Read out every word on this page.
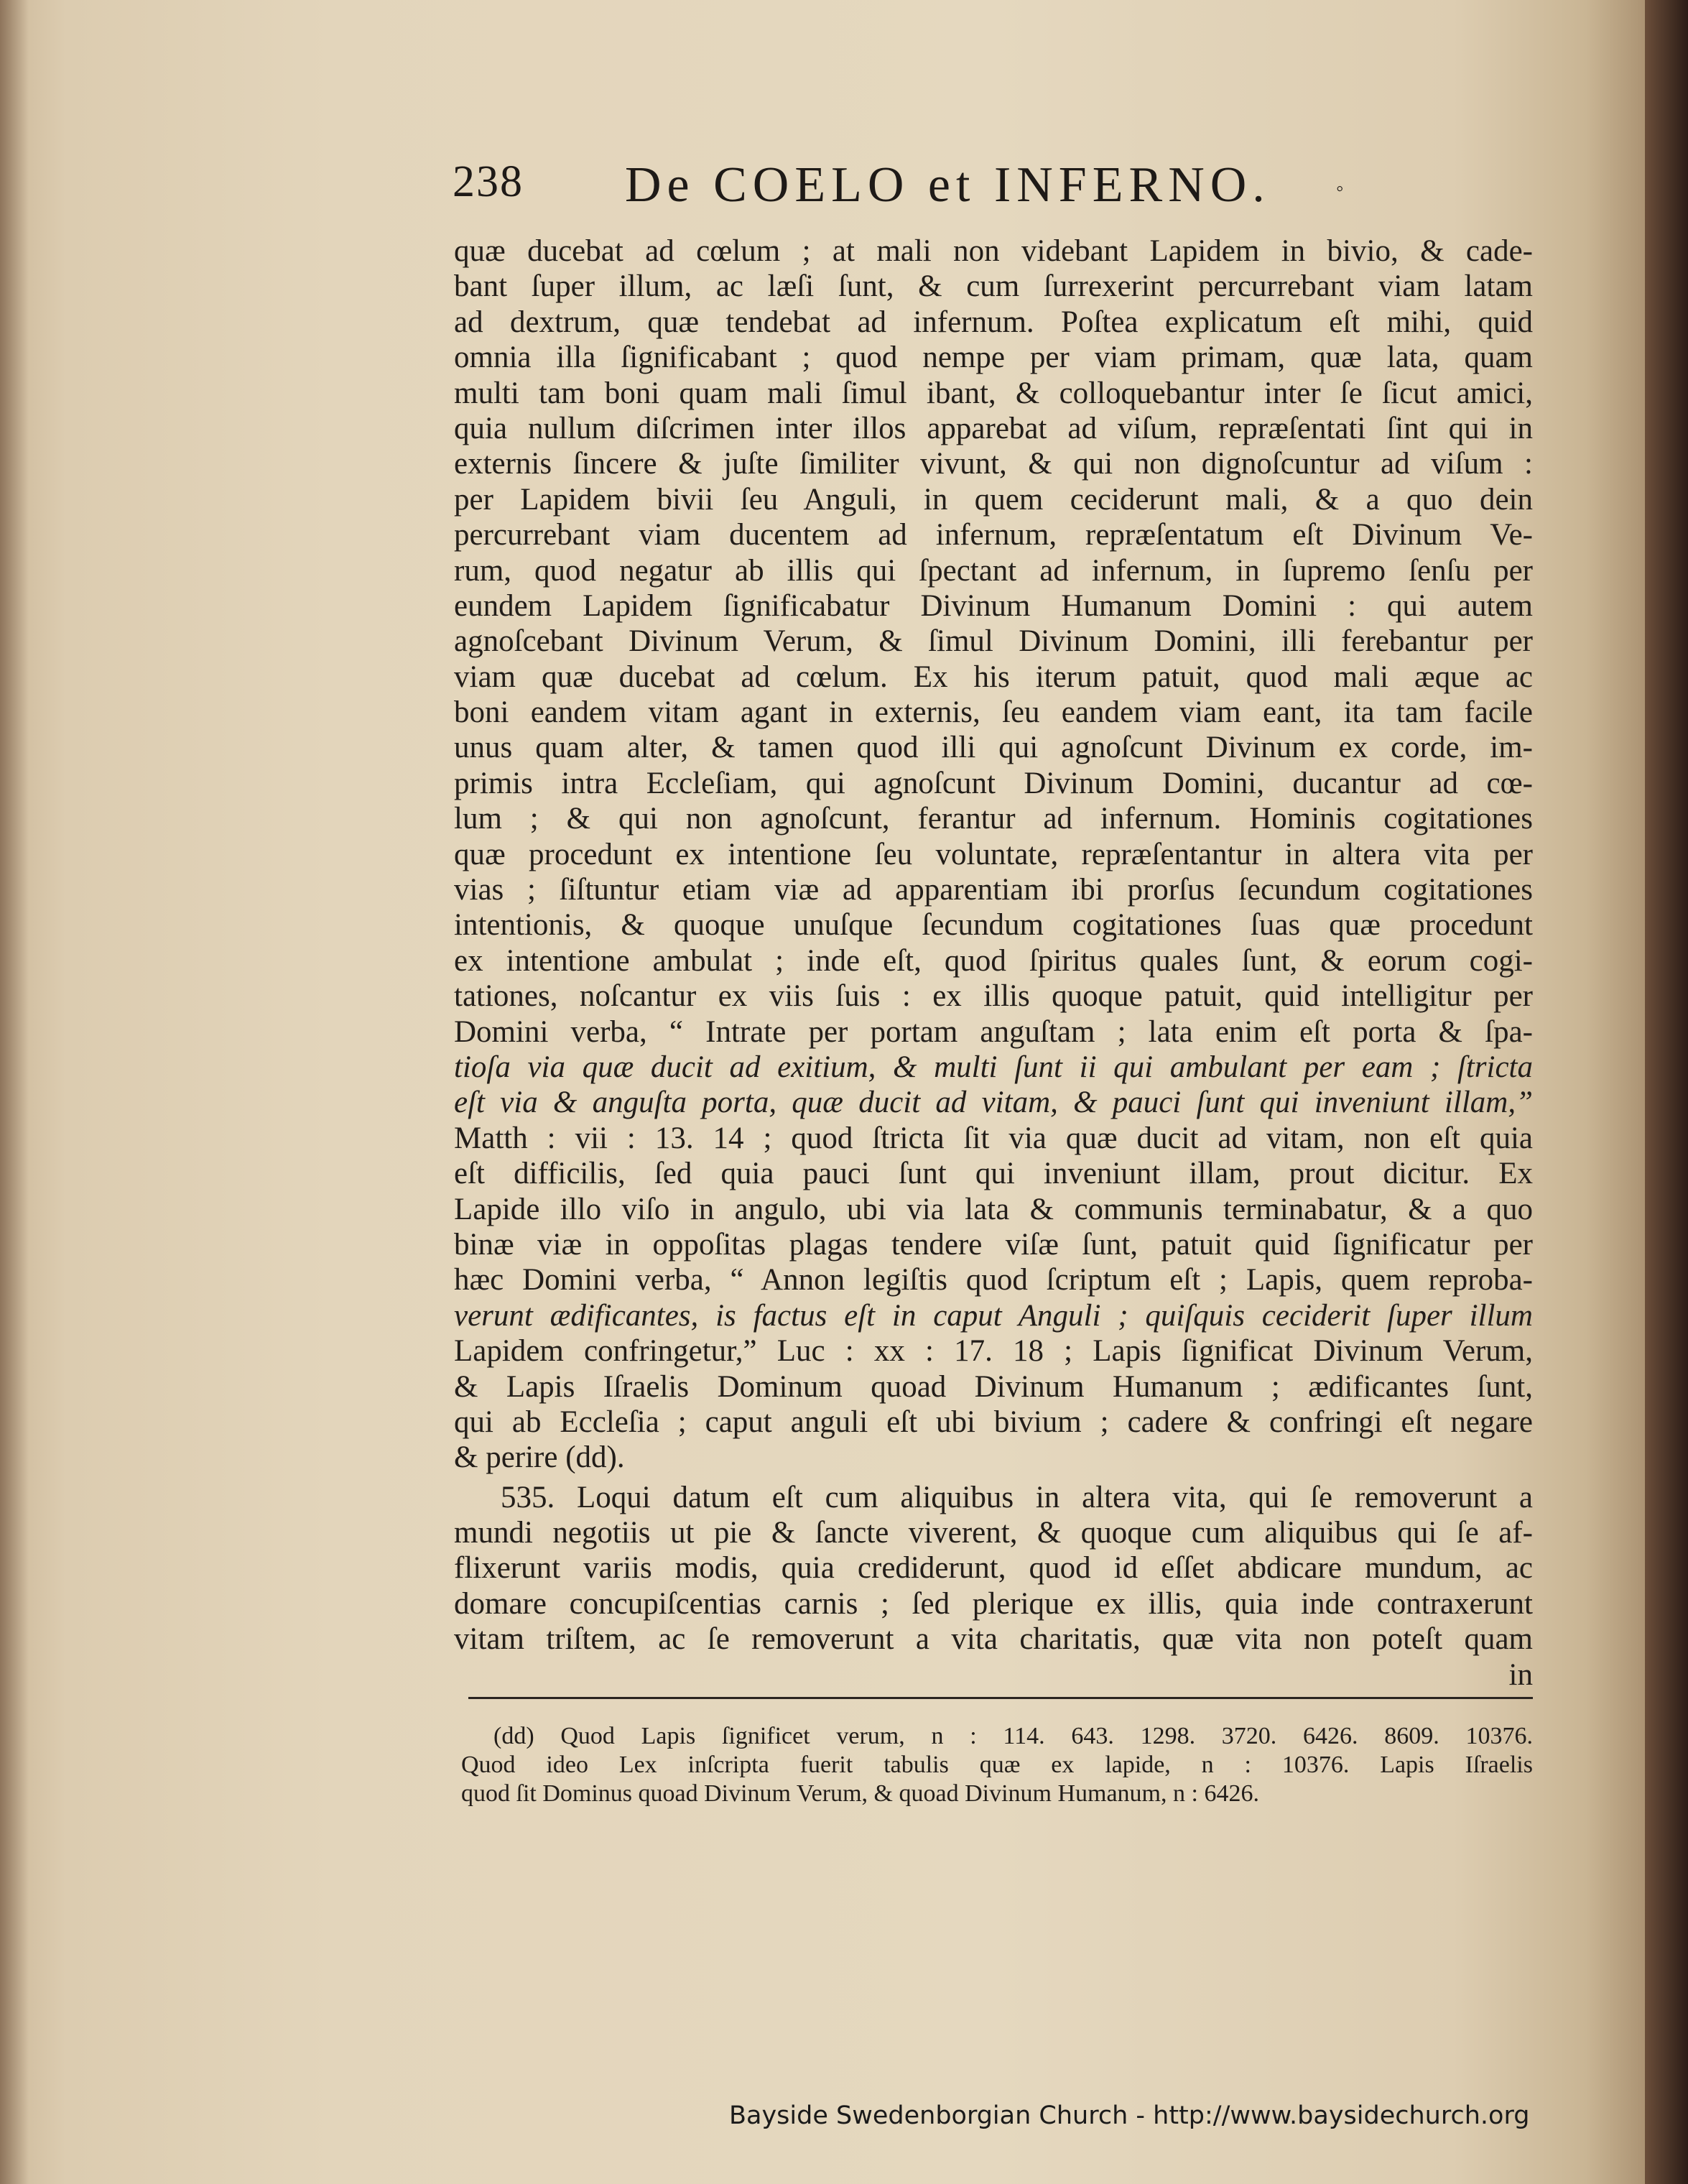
238 De COELO et INFERNO.	◦
quæ ducebat ad cœlum ; at mali non videbant Lapidem in bivio, & cade-
bant ſuper illum, ac læſi ſunt, & cum ſurrexerint percurrebant viam latam
ad dextrum, quæ tendebat ad infernum. Poſtea explicatum eſt mihi, quid
omnia illa ſignificabant ; quod nempe per viam primam, quæ lata, quam
multi tam boni quam mali ſimul ibant, & colloquebantur inter ſe ſicut amici,
quia nullum diſcrimen inter illos apparebat ad viſum, repræſentati ſint qui in
externis ſincere & juſte ſimiliter vivunt, & qui non dignoſcuntur ad viſum :
per Lapidem bivii ſeu Anguli, in quem ceciderunt mali, & a quo dein
percurrebant viam ducentem ad infernum, repræſentatum eſt Divinum Ve-
rum, quod negatur ab illis qui ſpectant ad infernum, in ſupremo ſenſu per
eundem Lapidem ſignificabatur Divinum Humanum Domini : qui autem
agnoſcebant Divinum Verum, & ſimul Divinum Domini, illi ferebantur per
viam quæ ducebat ad cœlum. Ex his iterum patuit, quod mali æque ac
boni eandem vitam agant in externis, ſeu eandem viam eant, ita tam facile
unus quam alter, & tamen quod illi qui agnoſcunt Divinum ex corde, im-
primis intra Eccleſiam, qui agnoſcunt Divinum Domini, ducantur ad cœ-
lum ; & qui non agnoſcunt, ferantur ad infernum. Hominis cogitationes
quæ procedunt ex intentione ſeu voluntate, repræſentantur in altera vita per
vias ; ſiſtuntur etiam viæ ad apparentiam ibi prorſus ſecundum cogitationes
intentionis, & quoque unuſque ſecundum cogitationes ſuas quæ procedunt
ex intentione ambulat ; inde eſt, quod ſpiritus quales ſunt, & eorum cogi-
tationes, noſcantur ex viis ſuis : ex illis quoque patuit, quid intelligitur per
Domini verba, “ Intrate per portam anguſtam ; lata enim eſt porta & ſpa-
tioſa via quæ ducit ad exitium, & multi ſunt ii qui ambulant per eam ; ſtricta
eſt via & anguſta porta, quæ ducit ad vitam, & pauci ſunt qui inveniunt illam,”
Matth : vii : 13. 14 ; quod ſtricta ſit via quæ ducit ad vitam, non eſt quia
eſt difficilis, ſed quia pauci ſunt qui inveniunt illam, prout dicitur. Ex
Lapide illo viſo in angulo, ubi via lata & communis terminabatur, & a quo
binæ viæ in oppoſitas plagas tendere viſæ ſunt, patuit quid ſignificatur per
hæc Domini verba, “ Annon legiſtis quod ſcriptum eſt ; Lapis, quem reproba-
verunt ædificantes, is factus eſt in caput Anguli ; quiſquis ceciderit ſuper illum
Lapidem confringetur,” Luc : xx : 17. 18 ; Lapis ſignificat Divinum Verum,
& Lapis Iſraelis Dominum quoad Divinum Humanum ; ædificantes ſunt,
qui ab Eccleſia ; caput anguli eſt ubi bivium ; cadere & confringi eſt negare
& perire (dd).
535. Loqui datum eſt cum aliquibus in altera vita, qui ſe removerunt a
mundi negotiis ut pie & ſancte viverent, & quoque cum aliquibus qui ſe af-
flixerunt variis modis, quia crediderunt, quod id eſſet abdicare mundum, ac
domare concupiſcentias carnis ; ſed plerique ex illis, quia inde contraxerunt
vitam triſtem, ac ſe removerunt a vita charitatis, quæ vita non poteſt quam
in
(dd) Quod Lapis ſignificet verum, n : 114. 643. 1298. 3720. 6426. 8609. 10376.
Quod ideo Lex inſcripta fuerit tabulis quæ ex lapide, n : 10376. Lapis Iſraelis
quod ſit Dominus quoad Divinum Verum, & quoad Divinum Humanum, n : 6426.
Bayside Swedenborgian Church - http://www.baysidechurch.org
